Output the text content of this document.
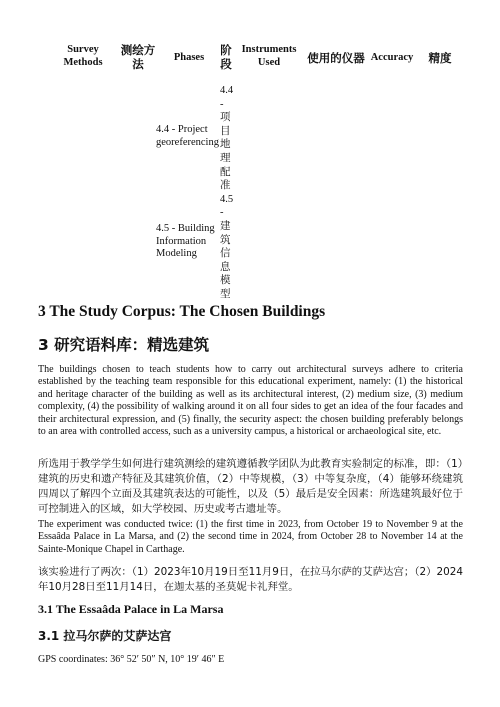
Survey Methods
测绘方法
Phases
阶段
Instruments Used	使用的仪器 Accuracy	精度
4.4 - 项目地理配准 4.5 - 建筑信息模型
4.4 - Project georeferencing
4.5 - Building Information Modeling
3 The Study Corpus: The Chosen Buildings
3 研究语料库：精选建筑

The buildings chosen to teach students how to carry out architectural surveys adhere to criteria established by the teaching team responsible for this educational experiment, namely: (1) the historical and heritage character of the building as well as its architectural interest, (2) medium size, (3) medium complexity, (4) the possibility of walking around it on all four sides to get an idea of the four facades and their architectural expression, and (5) finally, the security aspect: the chosen building preferably belongs to an area with controlled access, such as a university campus, a historical or archaeological site, etc.

所选用于教学学生如何进行建筑测绘的建筑遵循教学团队为此教育实验制定的标准，即：（1）建筑的历史和遗产特征及其建筑价值，（2）中等规模，（3）中等复杂度，（4）能够环绕建筑四周以了解四个立面及其建筑表达的可能性，以及（5）最后是安全因素：所选建筑最好位于可控制进入的区域，如大学校园、历史或考古遗址等。

The experiment was conducted twice: (1) the first time in 2023, from October 19 to November 9 at the Essaâda Palace in La Marsa, and (2) the second time in 2024, from October 28 to November 14 at the Sainte-Monique Chapel in Carthage.

该实验进行了两次：（1）2023年10月19日至11月9日，在拉马尔萨的艾萨达宫；（2）2024年10月28日至11月14日，在迦太基的圣莫妮卡礼拜堂。

3.1 The Essaâda Palace in La Marsa
3.1 拉马尔萨的艾萨达宫

GPS coordinates: 36° 52′ 50″ N, 10° 19′ 46″ E
